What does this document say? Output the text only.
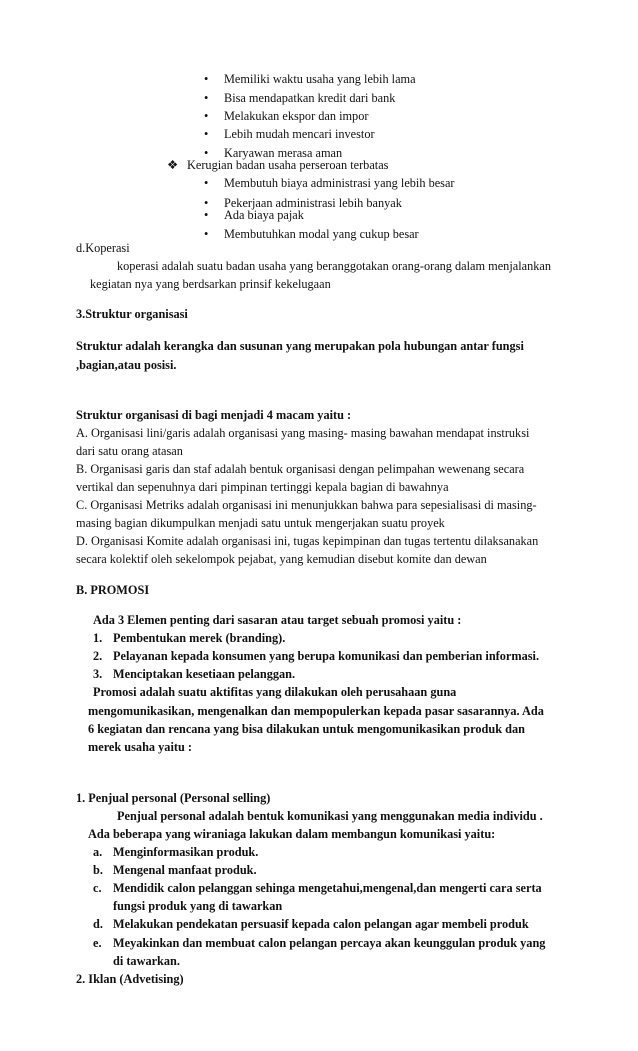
•	Memiliki waktu usaha yang lebih lama
•	Bisa mendapatkan kredit dari bank
•	Melakukan ekspor dan impor
•	Lebih mudah mencari investor
•	Karyawan merasa aman
❖ Kerugian badan usaha perseroan terbatas
•	Membutuh biaya administrasi yang lebih besar
•	Pekerjaan administrasi lebih banyak
•	Ada biaya pajak
•	Membutuhkan modal yang cukup besar
d.Koperasi
koperasi adalah suatu badan usaha yang beranggotakan orang-orang dalam menjalankan
kegiatan nya yang berdsarkan prinsif kekelugaan
3.Struktur organisasi
Struktur adalah kerangka dan susunan yang merupakan pola hubungan antar fungsi
,bagian,atau posisi.
Struktur organisasi di bagi menjadi 4 macam yaitu :
A. Organisasi lini/garis adalah organisasi yang masing- masing bawahan mendapat instruksi
dari satu orang atasan
B. Organisasi garis dan staf adalah bentuk organisasi dengan pelimpahan wewenang secara
vertikal dan sepenuhnya dari pimpinan tertinggi kepala bagian di bawahnya
C. Organisasi Metriks adalah organisasi ini menunjukkan bahwa para sepesialisasi di masing-
masing bagian dikumpulkan menjadi satu untuk mengerjakan suatu proyek
D. Organisasi Komite adalah organisasi ini, tugas kepimpinan dan tugas tertentu dilaksanakan
secara kolektif oleh sekelompok pejabat, yang kemudian disebut komite dan dewan
B. PROMOSI
Ada 3 Elemen penting dari sasaran atau target sebuah promosi yaitu :
1. Pembentukan merek (branding).
2. Pelayanan kepada konsumen yang berupa komunikasi dan pemberian informasi.
3. Menciptakan kesetiaan pelanggan.
Promosi adalah suatu aktifitas yang dilakukan oleh perusahaan guna
mengomunikasikan, mengenalkan dan mempopulerkan kepada pasar sasarannya. Ada
6 kegiatan dan rencana yang bisa dilakukan untuk mengomunikasikan produk dan
merek usaha yaitu :
1. Penjual personal (Personal selling)
Penjual personal adalah bentuk komunikasi yang menggunakan media individu .
Ada beberapa yang wiraniaga lakukan dalam membangun komunikasi yaitu:
a. Menginformasikan produk.
b. Mengenal manfaat produk.
c. Mendidik calon pelanggan sehinga mengetahui,mengenal,dan mengerti cara serta
fungsi produk yang di tawarkan
d. Melakukan pendekatan persuasif kepada calon pelangan agar membeli produk
e. Meyakinkan dan membuat calon pelangan percaya akan keunggulan produk yang
di tawarkan.
2. Iklan (Advetising)
